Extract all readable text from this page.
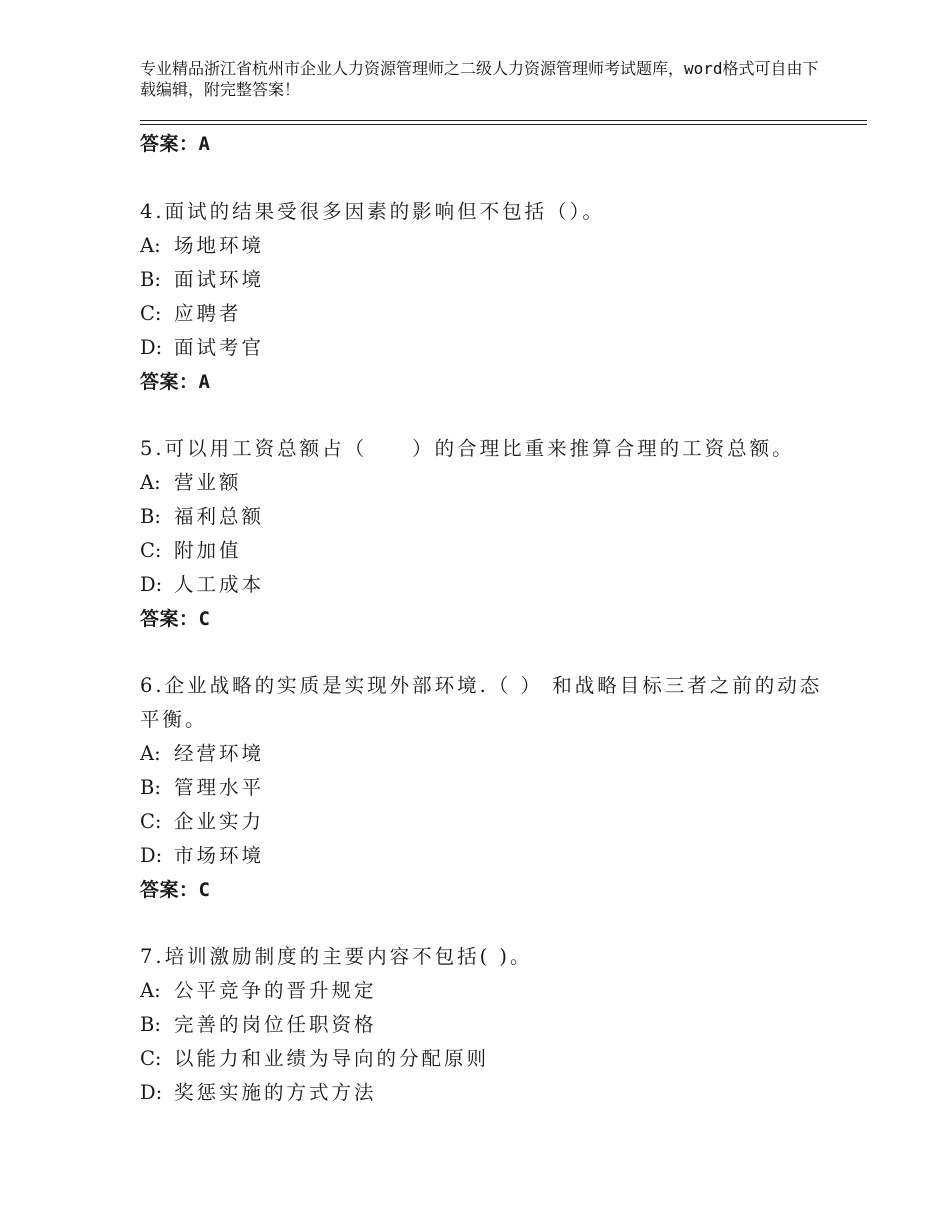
专业精品浙江省杭州市企业人力资源管理师之二级人力资源管理师考试题库，word格式可自由下载编辑，附完整答案！
答案：A
4.面试的结果受很多因素的影响但不包括（）。
A: 场地环境
B: 面试环境
C: 应聘者
D: 面试考官
答案：A
5.可以用工资总额占（　　）的合理比重来推算合理的工资总额。
A: 营业额
B: 福利总额
C: 附加值
D: 人工成本
答案：C
6.企业战略的实质是实现外部环境.（ ） 和战略目标三者之前的动态平衡。
A: 经营环境
B: 管理水平
C: 企业实力
D: 市场环境
答案：C
7.培训激励制度的主要内容不包括( )。
A: 公平竞争的晋升规定
B: 完善的岗位任职资格
C: 以能力和业绩为导向的分配原则
D: 奖惩实施的方式方法
